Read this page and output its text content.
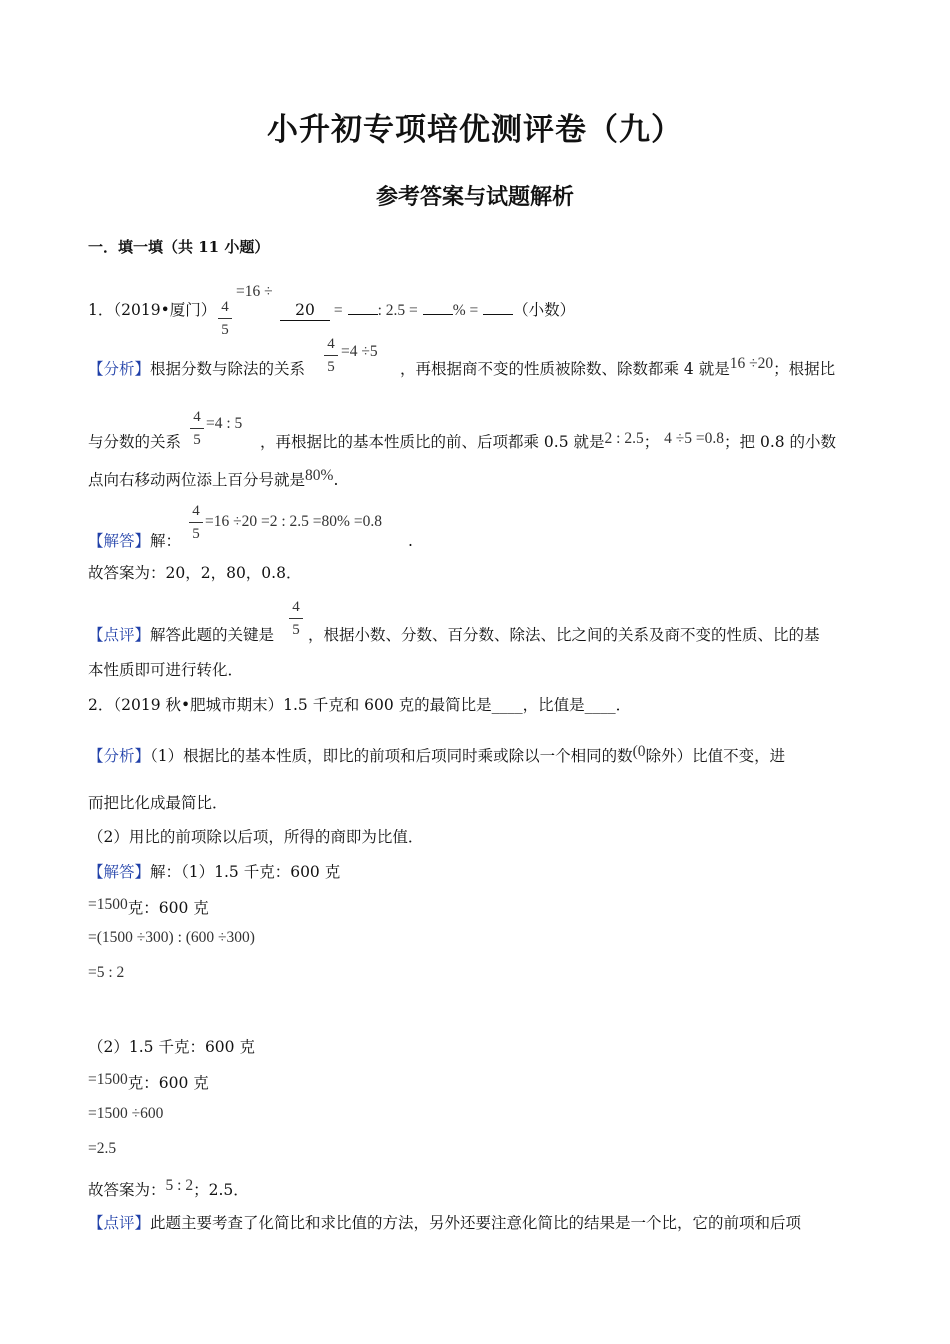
小升初专项培优测评卷（九）
参考答案与试题解析
一．填一填（共 11 小题）
4
5
1．（2019•厦门）
=16 ÷
20 = : 2.5 = % = （小数）
4
5
=4 ÷5
【分析】根据分数与除法的关系	，再根据商不变的性质被除数、除数都乘 4 就是16 ÷20；根据比
4
5
=4 : 5
与分数的关系	，再根据比的基本性质比的前、后项都乘 0.5 就是2 : 2.5； 4 ÷5 =0.8；把 0.8 的小数
点向右移动两位添上百分号就是80%.
4
5
【解答】解：
=16 ÷20 =2 : 2.5 =80% =0.8
.
故答案为：20，2，80，0.8．
4
5
【点评】解答此题的关键是 ，根据小数、分数、百分数、除法、比之间的关系及商不变的性质、比的基
本性质即可进行转化．
2．（2019 秋•肥城市期末）1.5 千克和 600 克的最简比是____，比值是____．
【分析】（1）根据比的基本性质，即比的前项和后项同时乘或除以一个相同的数(0除外）比值不变，进
而把比化成最简比．
（2）用比的前项除以后项，所得的商即为比值．
【解答】解：（1）1.5 千克：600 克
=1500克：600 克
=(1500 ÷300) : (600 ÷300)
=5 : 2
（2）1.5 千克：600 克
=1500克：600 克
=1500 ÷600
=2.5
故答案为：5 : 2；2.5．
【点评】此题主要考查了化简比和求比值的方法，另外还要注意化简比的结果是一个比，它的前项和后项
